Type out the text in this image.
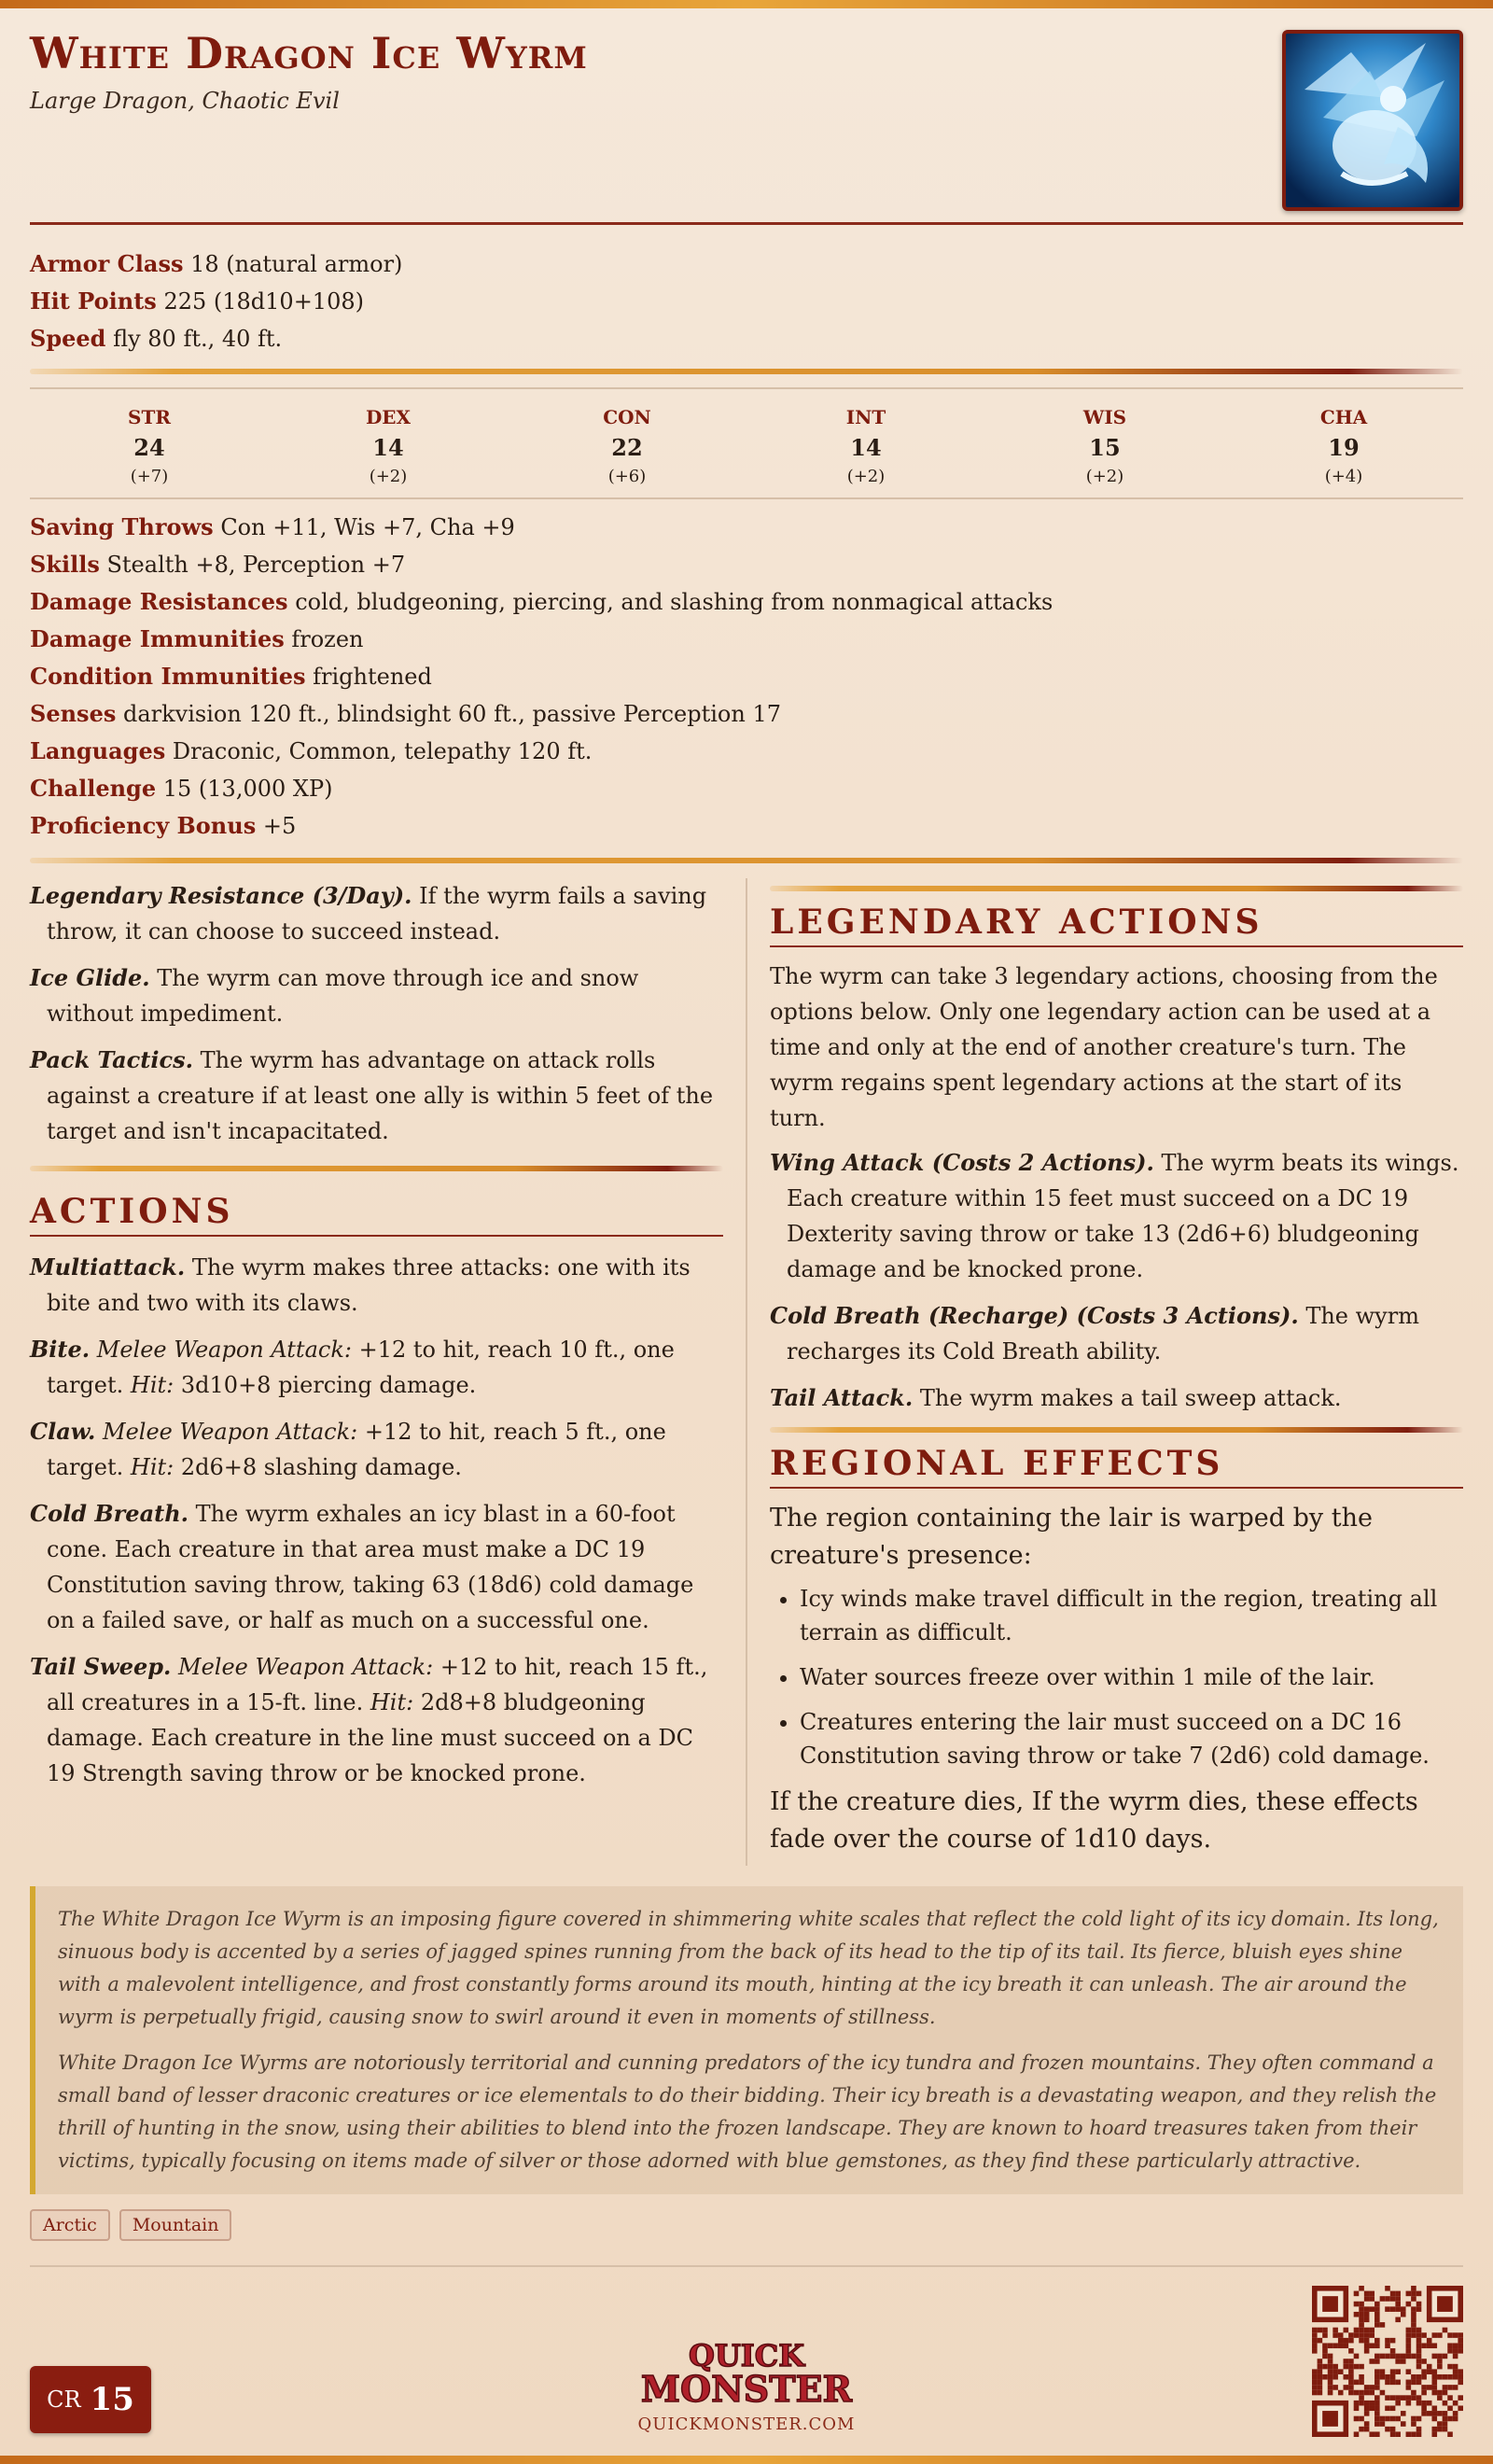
White Dragon Ice Wyrm
Large Dragon, Chaotic Evil
Armor Class 18 (natural armor)
Hit Points 225 (18d10+108)
Speed fly 80 ft., 40 ft.
STR
24
(+7)
DEX
14
(+2)
CON
22
(+6)
INT
14
(+2)
WIS
15
(+2)
CHA
19
(+4)
Saving Throws Con +11, Wis +7, Cha +9
Skills Stealth +8, Perception +7
Damage Resistances cold, bludgeoning, piercing, and slashing from nonmagical attacks
Damage Immunities frozen
Condition Immunities frightened
Senses darkvision 120 ft., blindsight 60 ft., passive Perception 17
Languages Draconic, Common, telepathy 120 ft.
Challenge 15 (13,000 XP)
Proficiency Bonus +5

Legendary Resistance (3/Day). If the wyrm fails a saving throw, it can choose to succeed instead.

Ice Glide. The wyrm can move through ice and snow without impediment.

Pack Tactics. The wyrm has advantage on attack rolls against a creature if at least one ally is within 5 feet of the target and isn't incapacitated.

ACTIONS

Multiattack. The wyrm makes three attacks: one with its bite and two with its claws.

Bite. Melee Weapon Attack: +12 to hit, reach 10 ft., one target. Hit: 3d10+8 piercing damage.

Claw. Melee Weapon Attack: +12 to hit, reach 5 ft., one target. Hit: 2d6+8 slashing damage.

Cold Breath. The wyrm exhales an icy blast in a 60-foot cone. Each creature in that area must make a DC 19 Constitution saving throw, taking 63 (18d6) cold damage on a failed save, or half as much on a successful one.

Tail Sweep. Melee Weapon Attack: +12 to hit, reach 15 ft., all creatures in a 15-ft. line. Hit: 2d8+8 bludgeoning damage. Each creature in the line must succeed on a DC 19 Strength saving throw or be knocked prone.

LEGENDARY ACTIONS

The wyrm can take 3 legendary actions, choosing from the options below. Only one legendary action can be used at a time and only at the end of another creature's turn. The wyrm regains spent legendary actions at the start of its turn.

Wing Attack (Costs 2 Actions). The wyrm beats its wings. Each creature within 15 feet must succeed on a DC 19 Dexterity saving throw or take 13 (2d6+6) bludgeoning damage and be knocked prone.

Cold Breath (Recharge) (Costs 3 Actions). The wyrm recharges its Cold Breath ability.

Tail Attack. The wyrm makes a tail sweep attack.

REGIONAL EFFECTS

The region containing the lair is warped by the creature's presence:

• Icy winds make travel difficult in the region, treating all terrain as difficult.
• Water sources freeze over within 1 mile of the lair.
• Creatures entering the lair must succeed on a DC 16 Constitution saving throw or take 7 (2d6) cold damage.

If the creature dies, If the wyrm dies, these effects fade over the course of 1d10 days.

The White Dragon Ice Wyrm is an imposing figure covered in shimmering white scales that reflect the cold light of its icy domain. Its long, sinuous body is accented by a series of jagged spines running from the back of its head to the tip of its tail. Its fierce, bluish eyes shine with a malevolent intelligence, and frost constantly forms around its mouth, hinting at the icy breath it can unleash. The air around the wyrm is perpetually frigid, causing snow to swirl around it even in moments of stillness.

White Dragon Ice Wyrms are notoriously territorial and cunning predators of the icy tundra and frozen mountains. They often command a small band of lesser draconic creatures or ice elementals to do their bidding. Their icy breath is a devastating weapon, and they relish the thrill of hunting in the snow, using their abilities to blend into the frozen landscape. They are known to hoard treasures taken from their victims, typically focusing on items made of silver or those adorned with blue gemstones, as they find these particularly attractive.

Arctic	Mountain
CR 15
QUICK
MONSTER
QUICKMONSTER.COM
